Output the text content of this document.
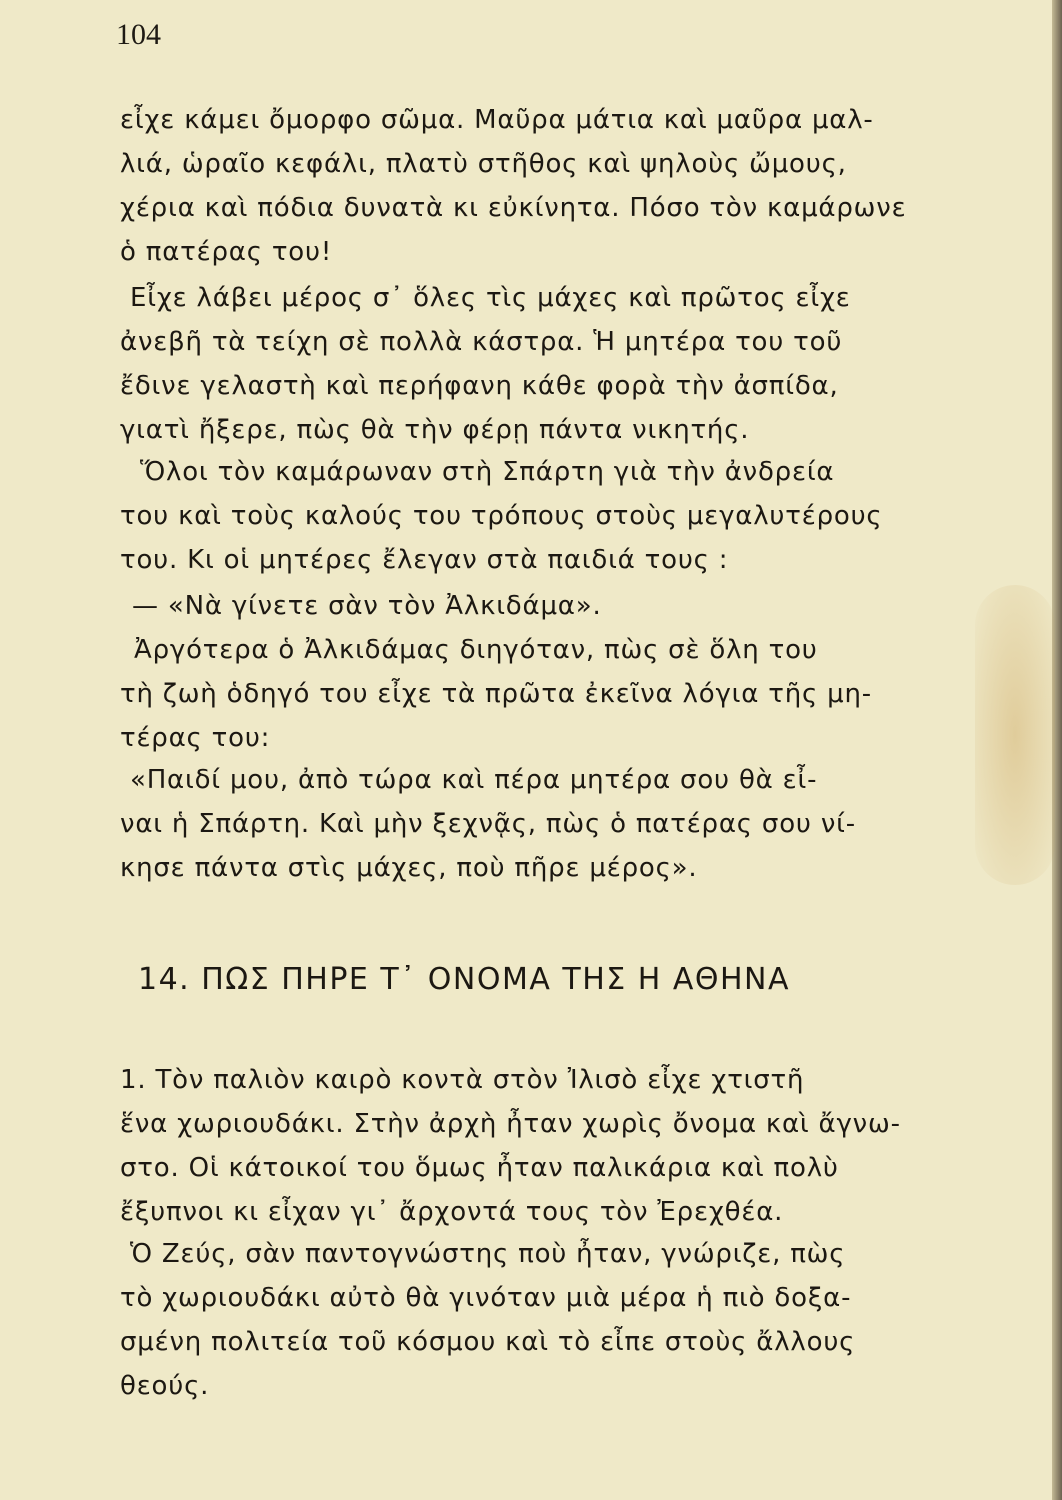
104
εἶχε κάμει ὄμορφο σῶμα. Μαῦρα μάτια καὶ μαῦρα μαλ-
λιά, ὡραῖο κεφάλι, πλατὺ στῆθος καὶ ψηλοὺς ὤμους,
χέρια καὶ πόδια δυνατὰ κι εὐκίνητα. Πόσο τὸν καμάρωνε
ὁ πατέρας του!
Εἶχε λάβει μέρος σ᾽ ὅλες τὶς μάχες καὶ πρῶτος εἶχε
ἀνεβῆ τὰ τείχη σὲ πολλὰ κάστρα. Ἡ μητέρα του τοῦ
ἔδινε γελαστὴ καὶ περήφανη κάθε φορὰ τὴν ἀσπίδα,
γιατὶ ἤξερε, πὼς θὰ τὴν φέρῃ πάντα νικητής.
Ὅλοι τὸν καμάρωναν στὴ Σπάρτη γιὰ τὴν ἀνδρεία
του καὶ τοὺς καλούς του τρόπους στοὺς μεγαλυτέρους
του. Κι οἱ μητέρες ἔλεγαν στὰ παιδιά τους :
— «Νὰ γίνετε σὰν τὸν Ἀλκιδάμα».
Ἀργότερα ὁ Ἀλκιδάμας διηγόταν, πὼς σὲ ὅλη του
τὴ ζωὴ ὁδηγό του εἶχε τὰ πρῶτα ἐκεῖνα λόγια τῆς μη-
τέρας του:
«Παιδί μου, ἀπὸ τώρα καὶ πέρα μητέρα σου θὰ εἶ-
ναι ἡ Σπάρτη. Καὶ μὴν ξεχνᾷς, πὼς ὁ πατέρας σου νί-
κησε πάντα στὶς μάχες, ποὺ πῆρε μέρος».
14. ΠΩΣ ΠΗΡΕ Τ᾽ ΟΝΟΜΑ ΤΗΣ Η ΑΘΗΝΑ
1. Τὸν παλιὸν καιρὸ κοντὰ στὸν Ἰλισὸ εἶχε χτιστῆ
ἕνα χωριουδάκι. Στὴν ἀρχὴ ἦταν χωρὶς ὄνομα καὶ ἄγνω-
στο. Οἱ κάτοικοί του ὅμως ἦταν παλικάρια καὶ πολὺ
ἔξυπνοι κι εἶχαν γι᾽ ἄρχοντά τους τὸν Ἐρεχθέα.
Ὁ Ζεύς, σὰν παντογνώστης ποὺ ἦταν, γνώριζε, πὼς
τὸ χωριουδάκι αὐτὸ θὰ γινόταν μιὰ μέρα ἡ πιὸ δοξα-
σμένη πολιτεία τοῦ κόσμου καὶ τὸ εἶπε στοὺς ἄλλους
θεούς.
